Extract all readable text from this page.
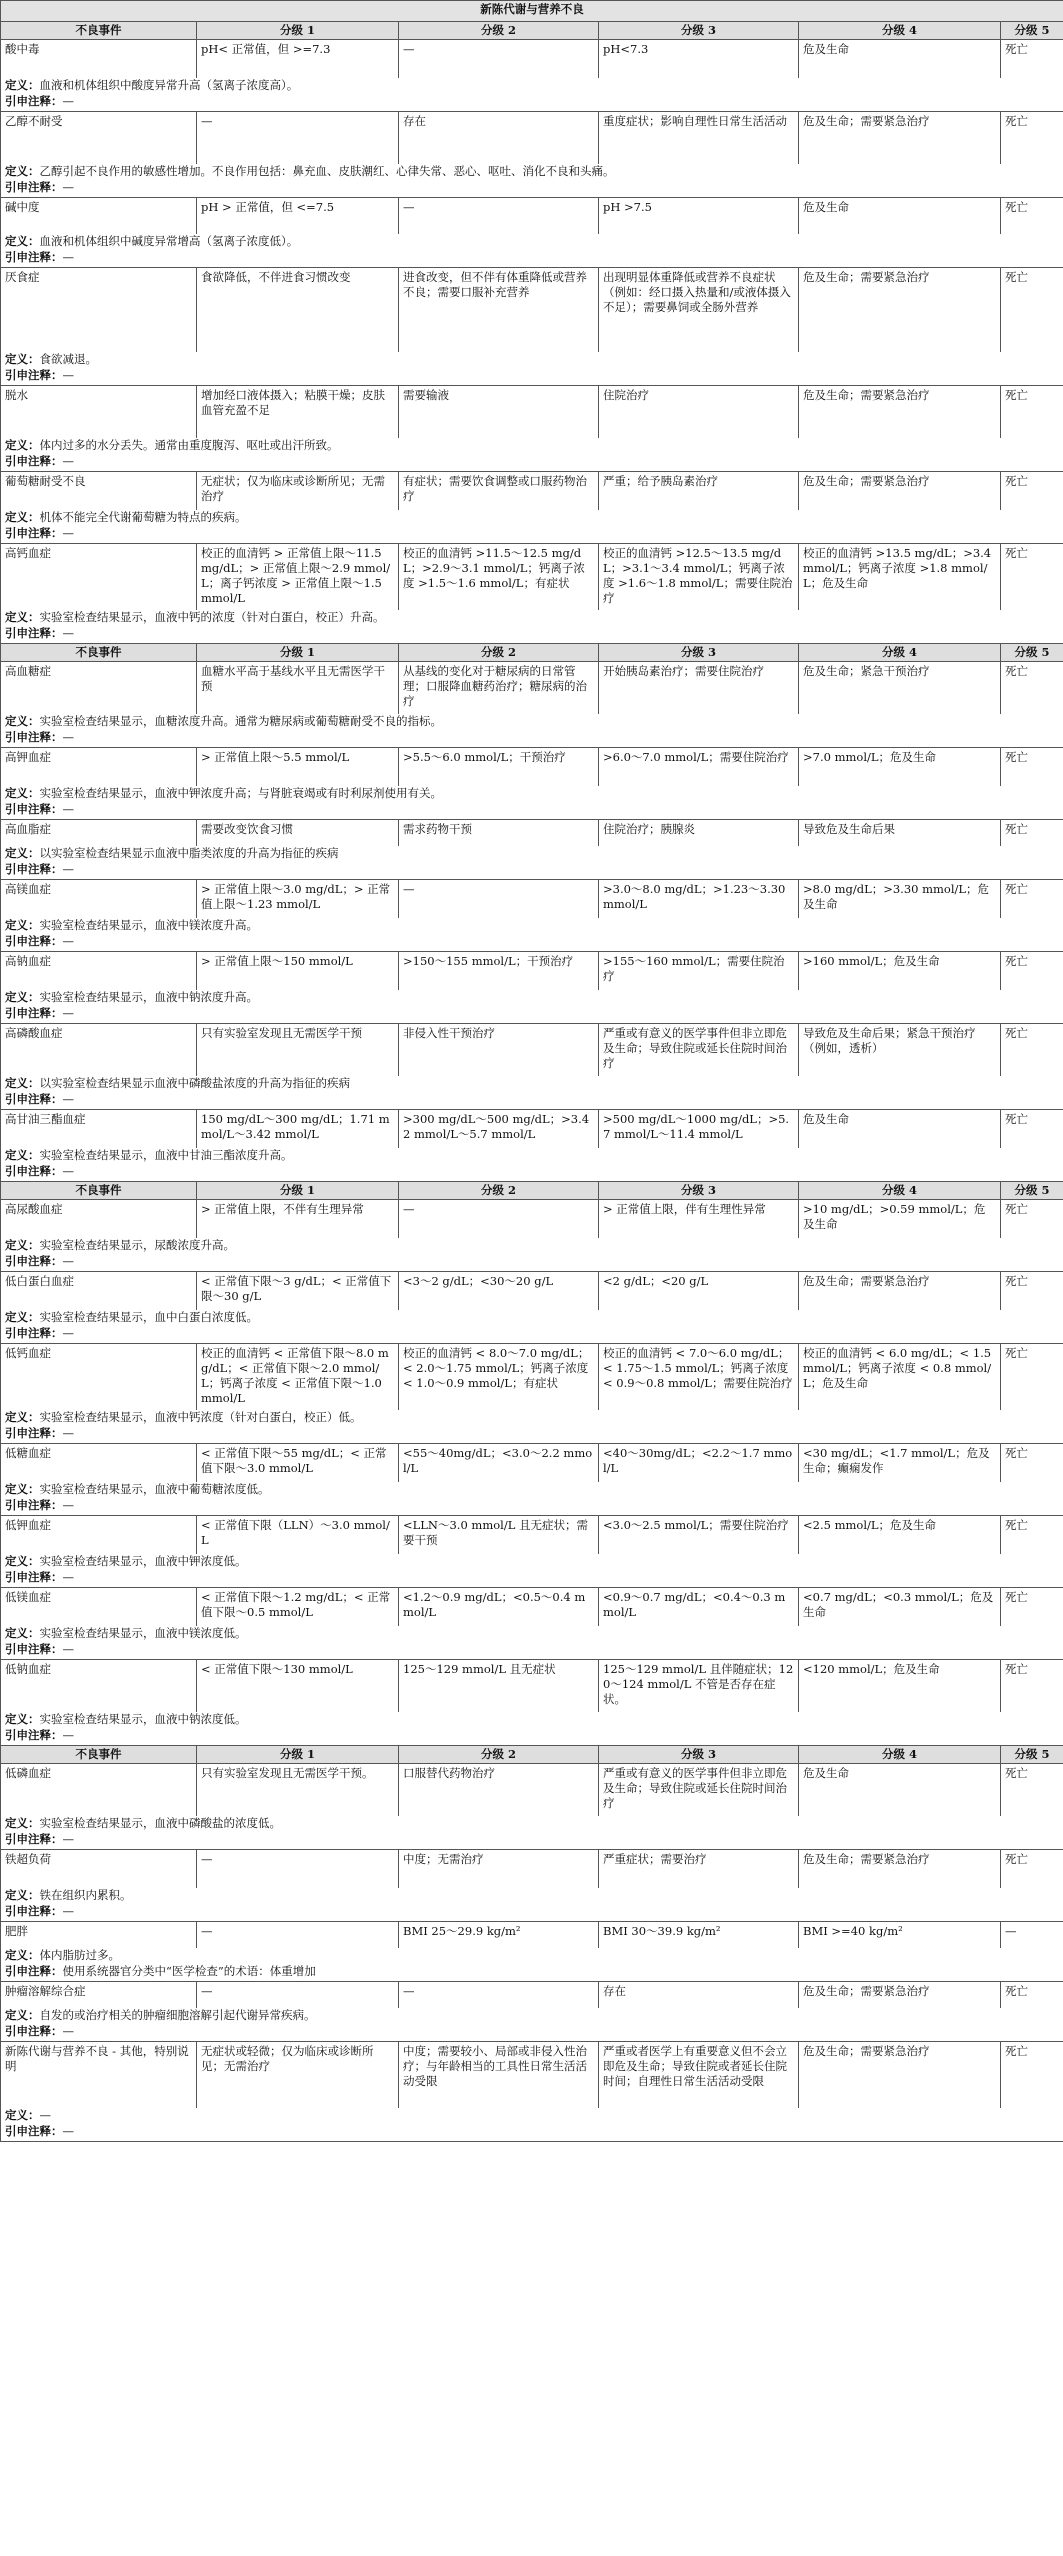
新陈代谢与营养不良					
不良事件	分级 1	分级 2	分级 3	分级 4	分级 5
酸中毒	pH< 正常值，但 >=7.3	—	pH<7.3	危及生命	死亡
定义：血液和机体组织中酸度异常升高（氢离子浓度高）。					
引申注释：—					
乙醇不耐受	—	存在	重度症状；影响自理性日常生活活动	危及生命；需要紧急治疗	死亡
定义：乙醇引起不良作用的敏感性增加。不良作用包括：鼻充血、皮肤潮红、心律失常、恶心、呕吐、消化不良和头痛。					
引申注释：—					
碱中度	pH > 正常值，但 <=7.5	—	pH >7.5	危及生命	死亡
定义：血液和机体组织中碱度异常增高（氢离子浓度低）。					
引申注释：—					
厌食症	食欲降低，不伴进食习惯改变	进食改变，但不伴有体重降低或营养不良；需要口服补充营养	出现明显体重降低或营养不良症状（例如：经口摄入热量和/或液体摄入不足）；需要鼻饲或全肠外营养	危及生命；需要紧急治疗	死亡
定义：食欲减退。					
引申注释：—					
脱水	增加经口液体摄入；粘膜干燥；皮肤血管充盈不足	需要输液	住院治疗	危及生命；需要紧急治疗	死亡
定义：体内过多的水分丢失。通常由重度腹泻、呕吐或出汗所致。					
引申注释：—					
葡萄糖耐受不良	无症状；仅为临床或诊断所见；无需治疗	有症状；需要饮食调整或口服药物治疗	严重；给予胰岛素治疗	危及生命；需要紧急治疗	死亡
定义：机体不能完全代谢葡萄糖为特点的疾病。					
引申注释：—					
高钙血症	校正的血清钙 > 正常值上限～11.5 mg/dL；> 正常值上限～2.9 mmol/L；离子钙浓度 > 正常值上限～1.5 mmol/L	校正的血清钙 >11.5～12.5 mg/dL；>2.9～3.1 mmol/L；钙离子浓度 >1.5～1.6 mmol/L；有症状	校正的血清钙 >12.5～13.5 mg/dL；>3.1～3.4 mmol/L；钙离子浓度 >1.6～1.8 mmol/L；需要住院治疗	校正的血清钙 >13.5 mg/dL；>3.4 mmol/L；钙离子浓度 >1.8 mmol/L；危及生命	死亡
定义：实验室检查结果显示，血液中钙的浓度（针对白蛋白，校正）升高。					
引申注释：—					
不良事件	分级 1	分级 2	分级 3	分级 4	分级 5
高血糖症	血糖水平高于基线水平且无需医学干预	从基线的变化对于糖尿病的日常管理；口服降血糖药治疗；糖尿病的治疗	开始胰岛素治疗；需要住院治疗	危及生命；紧急干预治疗	死亡
定义：实验室检查结果显示，血糖浓度升高。通常为糖尿病或葡萄糖耐受不良的指标。					
引申注释：—					
高钾血症	> 正常值上限～5.5 mmol/L	>5.5～6.0 mmol/L；干预治疗	>6.0～7.0 mmol/L；需要住院治疗	>7.0 mmol/L；危及生命	死亡
定义：实验室检查结果显示，血液中钾浓度升高；与肾脏衰竭或有时利尿剂使用有关。					
引申注释：—					
高血脂症	需要改变饮食习惯	需求药物干预	住院治疗；胰腺炎	导致危及生命后果	死亡
定义：以实验室检查结果显示血液中脂类浓度的升高为指征的疾病					
引申注释：—					
高镁血症	> 正常值上限～3.0 mg/dL；> 正常值上限～1.23 mmol/L	—	>3.0～8.0 mg/dL；>1.23～3.30 mmol/L	>8.0 mg/dL；>3.30 mmol/L；危及生命	死亡
定义：实验室检查结果显示，血液中镁浓度升高。					
引申注释：—					
高钠血症	> 正常值上限～150 mmol/L	>150～155 mmol/L；干预治疗	>155～160 mmol/L；需要住院治疗	>160 mmol/L；危及生命	死亡
定义：实验室检查结果显示，血液中钠浓度升高。					
引申注释：—					
高磷酸血症	只有实验室发现且无需医学干预	非侵入性干预治疗	严重或有意义的医学事件但非立即危及生命；导致住院或延长住院时间治疗	导致危及生命后果；紧急干预治疗（例如，透析）	死亡
定义：以实验室检查结果显示血液中磷酸盐浓度的升高为指征的疾病					
引申注释：—					
高甘油三酯血症	150 mg/dL～300 mg/dL；1.71 mmol/L～3.42 mmol/L	>300 mg/dL～500 mg/dL；>3.42 mmol/L～5.7 mmol/L	>500 mg/dL～1000 mg/dL；>5.7 mmol/L～11.4 mmol/L	危及生命	死亡
定义：实验室检查结果显示，血液中甘油三酯浓度升高。					
引申注释：—					
不良事件	分级 1	分级 2	分级 3	分级 4	分级 5
高尿酸血症	> 正常值上限，不伴有生理异常	—	> 正常值上限，伴有生理性异常	>10 mg/dL；>0.59 mmol/L；危及生命	死亡
定义：实验室检查结果显示，尿酸浓度升高。					
引申注释：—					
低白蛋白血症	< 正常值下限～3 g/dL；< 正常值下限～30 g/L	<3～2 g/dL；<30～20 g/L	<2 g/dL；<20 g/L	危及生命；需要紧急治疗	死亡
定义：实验室检查结果显示，血中白蛋白浓度低。					
引申注释：—					
低钙血症	校正的血清钙 < 正常值下限～8.0 mg/dL；< 正常值下限～2.0 mmol/L；钙离子浓度 < 正常值下限～1.0 mmol/L	校正的血清钙 < 8.0～7.0 mg/dL；< 2.0～1.75 mmol/L；钙离子浓度 < 1.0～0.9 mmol/L；有症状	校正的血清钙 < 7.0～6.0 mg/dL；< 1.75～1.5 mmol/L；钙离子浓度 < 0.9～0.8 mmol/L；需要住院治疗	校正的血清钙 < 6.0 mg/dL；< 1.5 mmol/L；钙离子浓度 < 0.8 mmol/L；危及生命	死亡
定义：实验室检查结果显示，血液中钙浓度（针对白蛋白，校正）低。					
引申注释：—					
低糖血症	< 正常值下限～55 mg/dL；< 正常值下限～3.0 mmol/L	<55～40mg/dL；<3.0～2.2 mmol/L	<40～30mg/dL；<2.2～1.7 mmol/L	<30 mg/dL；<1.7 mmol/L；危及生命；癫痫发作	死亡
定义：实验室检查结果显示，血液中葡萄糖浓度低。					
引申注释：—					
低钾血症	< 正常值下限（LLN）～3.0 mmol/L	<LLN～3.0 mmol/L 且无症状；需要干预	<3.0～2.5 mmol/L；需要住院治疗	<2.5 mmol/L；危及生命	死亡
定义：实验室检查结果显示，血液中钾浓度低。					
引申注释：—					
低镁血症	< 正常值下限～1.2 mg/dL；< 正常值下限～0.5 mmol/L	<1.2～0.9 mg/dL；<0.5～0.4 mmol/L	<0.9～0.7 mg/dL；<0.4～0.3 mmol/L	<0.7 mg/dL；<0.3 mmol/L；危及生命	死亡
定义：实验室检查结果显示，血液中镁浓度低。					
引申注释：—					
低钠血症	< 正常值下限～130 mmol/L	125～129 mmol/L 且无症状	125～129 mmol/L 且伴随症状；120～124 mmol/L 不管是否存在症状。	<120 mmol/L；危及生命	死亡
定义：实验室检查结果显示，血液中钠浓度低。					
引申注释：—					
不良事件	分级 1	分级 2	分级 3	分级 4	分级 5
低磷血症	只有实验室发现且无需医学干预。	口服替代药物治疗	严重或有意义的医学事件但非立即危及生命；导致住院或延长住院时间治疗	危及生命	死亡
定义：实验室检查结果显示，血液中磷酸盐的浓度低。					
引申注释：—					
铁超负荷	—	中度；无需治疗	严重症状；需要治疗	危及生命；需要紧急治疗	死亡
定义：铁在组织内累积。					
引申注释：—					
肥胖	—	BMI 25～29.9 kg/m²	BMI 30～39.9 kg/m²	BMI >=40 kg/m²	—
定义：体内脂肪过多。					
引申注释：使用系统器官分类中“医学检查”的术语：体重增加					
肿瘤溶解综合症	—	—	存在	危及生命；需要紧急治疗	死亡
定义：自发的或治疗相关的肿瘤细胞溶解引起代谢异常疾病。					
引申注释：—					
新陈代谢与营养不良 - 其他，特别说明	无症状或轻微；仅为临床或诊断所见；无需治疗	中度；需要较小、局部或非侵入性治疗；与年龄相当的工具性日常生活活动受限	严重或者医学上有重要意义但不会立即危及生命；导致住院或者延长住院时间；自理性日常生活活动受限	危及生命；需要紧急治疗	死亡
定义：—					
引申注释：—					
